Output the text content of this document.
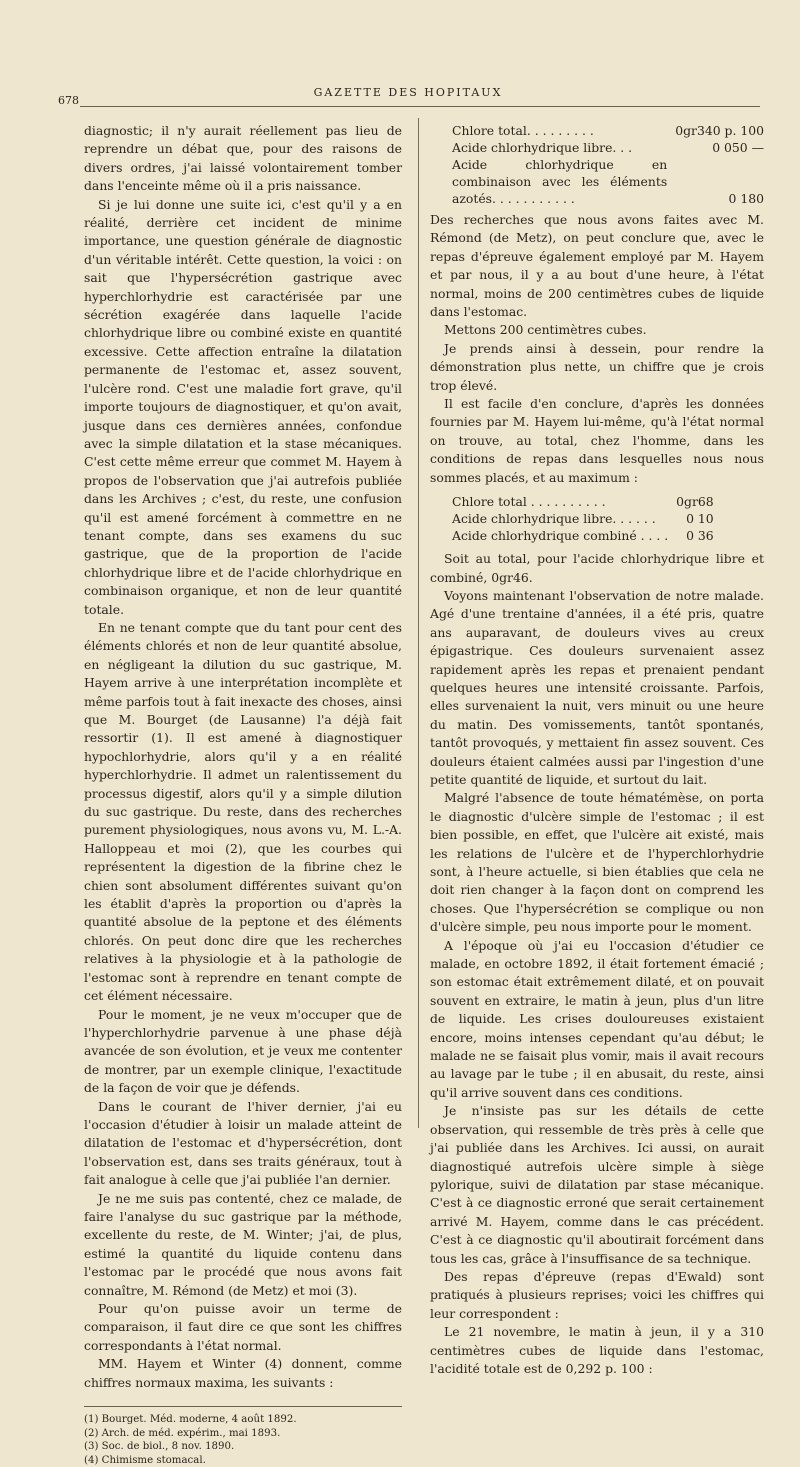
678
GAZETTE DES HOPITAUX

diagnostic; il n'y aurait réellement pas lieu de reprendre un débat que, pour des raisons de divers ordres, j'ai laissé volontairement tomber dans l'enceinte même où il a pris naissance.

Si je lui donne une suite ici, c'est qu'il y a en réalité, derrière cet incident de minime importance, une question générale de diagnostic d'un véritable intérêt. Cette question, la voici : on sait que l'hypersécrétion gastrique avec hyperchlorhydrie est caractérisée par une sécrétion exagérée dans laquelle l'acide chlorhydrique libre ou combiné existe en quantité excessive. Cette affection entraîne la dilatation permanente de l'estomac et, assez souvent, l'ulcère rond. C'est une maladie fort grave, qu'il importe toujours de diagnostiquer, et qu'on avait, jusque dans ces dernières années, confondue avec la simple dilatation et la stase mécaniques. C'est cette même erreur que commet M. Hayem à propos de l'observation que j'ai autrefois publiée dans les Archives ; c'est, du reste, une confusion qu'il est amené forcément à commettre en ne tenant compte, dans ses examens du suc gastrique, que de la proportion de l'acide chlorhydrique libre et de l'acide chlorhydrique en combinaison organique, et non de leur quantité totale.

En ne tenant compte que du tant pour cent des éléments chlorés et non de leur quantité absolue, en négligeant la dilution du suc gastrique, M. Hayem arrive à une interprétation incomplète et même parfois tout à fait inexacte des choses, ainsi que M. Bourget (de Lausanne) l'a déjà fait ressortir (1). Il est amené à diagnostiquer hypochlorhydrie, alors qu'il y a en réalité hyperchlorhydrie. Il admet un ralentissement du processus digestif, alors qu'il y a simple dilution du suc gastrique. Du reste, dans des recherches purement physiologiques, nous avons vu, M. L.-A. Halloppeau et moi (2), que les courbes qui représentent la digestion de la fibrine chez le chien sont absolument différentes suivant qu'on les établit d'après la proportion ou d'après la quantité absolue de la peptone et des éléments chlorés. On peut donc dire que les recherches relatives à la physiologie et à la pathologie de l'estomac sont à reprendre en tenant compte de cet élément nécessaire.

Pour le moment, je ne veux m'occuper que de l'hyperchlorhydrie parvenue à une phase déjà avancée de son évolution, et je veux me contenter de montrer, par un exemple clinique, l'exactitude de la façon de voir que je défends.

Dans le courant de l'hiver dernier, j'ai eu l'occasion d'étudier à loisir un malade atteint de dilatation de l'estomac et d'hypersécrétion, dont l'observation est, dans ses traits généraux, tout à fait analogue à celle que j'ai publiée l'an dernier.

Je ne me suis pas contenté, chez ce malade, de faire l'analyse du suc gastrique par la méthode, excellente du reste, de M. Winter; j'ai, de plus, estimé la quantité du liquide contenu dans l'estomac par le procédé que nous avons fait connaître, M. Rémond (de Metz) et moi (3).

Pour qu'on puisse avoir un terme de comparaison, il faut dire ce que sont les chiffres correspondants à l'état normal.

MM. Hayem et Winter (4) donnent, comme chiffres normaux maxima, les suivants :

(1) Bourget. Méd. moderne, 4 août 1892.
(2) Arch. de méd. expérim., mai 1893.
(3) Soc. de biol., 8 nov. 1890.
(4) Chimisme stomacal.
Chlore total. . . . . . . . .	0gr340 p. 100
Acide chlorhydrique libre. . .	0 050 —
Acide chlorhydrique en combinaison avec les éléments azotés. . . . . . . . . . .	0 180

Des recherches que nous avons faites avec M. Rémond (de Metz), on peut conclure que, avec le repas d'épreuve également employé par M. Hayem et par nous, il y a au bout d'une heure, à l'état normal, moins de 200 centimètres cubes de liquide dans l'estomac.

Mettons 200 centimètres cubes.

Je prends ainsi à dessein, pour rendre la démonstration plus nette, un chiffre que je crois trop élevé.

Il est facile d'en conclure, d'après les données fournies par M. Hayem lui-même, qu'à l'état normal on trouve, au total, chez l'homme, dans les conditions de repas dans lesquelles nous nous sommes placés, et au maximum :

Chlore total . . . . . . . . . .	0gr68
Acide chlorhydrique libre. . . . . .	0 10
Acide chlorhydrique combiné . . . .	0 36

Soit au total, pour l'acide chlorhydrique libre et combiné, 0gr46.

Voyons maintenant l'observation de notre malade. Agé d'une trentaine d'années, il a été pris, quatre ans auparavant, de douleurs vives au creux épigastrique. Ces douleurs survenaient assez rapidement après les repas et prenaient pendant quelques heures une intensité croissante. Parfois, elles survenaient la nuit, vers minuit ou une heure du matin. Des vomissements, tantôt spontanés, tantôt provoqués, y mettaient fin assez souvent. Ces douleurs étaient calmées aussi par l'ingestion d'une petite quantité de liquide, et surtout du lait.

Malgré l'absence de toute hématémèse, on porta le diagnostic d'ulcère simple de l'estomac ; il est bien possible, en effet, que l'ulcère ait existé, mais les relations de l'ulcère et de l'hyperchlorhydrie sont, à l'heure actuelle, si bien établies que cela ne doit rien changer à la façon dont on comprend les choses. Que l'hypersécrétion se complique ou non d'ulcère simple, peu nous importe pour le moment.

A l'époque où j'ai eu l'occasion d'étudier ce malade, en octobre 1892, il était fortement émacié ; son estomac était extrêmement dilaté, et on pouvait souvent en extraire, le matin à jeun, plus d'un litre de liquide. Les crises douloureuses existaient encore, moins intenses cependant qu'au début; le malade ne se faisait plus vomir, mais il avait recours au lavage par le tube ; il en abusait, du reste, ainsi qu'il arrive souvent dans ces conditions.

Je n'insiste pas sur les détails de cette observation, qui ressemble de très près à celle que j'ai publiée dans les Archives. Ici aussi, on aurait diagnostiqué autrefois ulcère simple à siège pylorique, suivi de dilatation par stase mécanique. C'est à ce diagnostic erroné que serait certainement arrivé M. Hayem, comme dans le cas précédent. C'est à ce diagnostic qu'il aboutirait forcément dans tous les cas, grâce à l'insuffisance de sa technique.

Des repas d'épreuve (repas d'Ewald) sont pratiqués à plusieurs reprises; voici les chiffres qui leur correspondent :

Le 21 novembre, le matin à jeun, il y a 310 centimètres cubes de liquide dans l'estomac, l'acidité totale est de 0,292 p. 100 :
